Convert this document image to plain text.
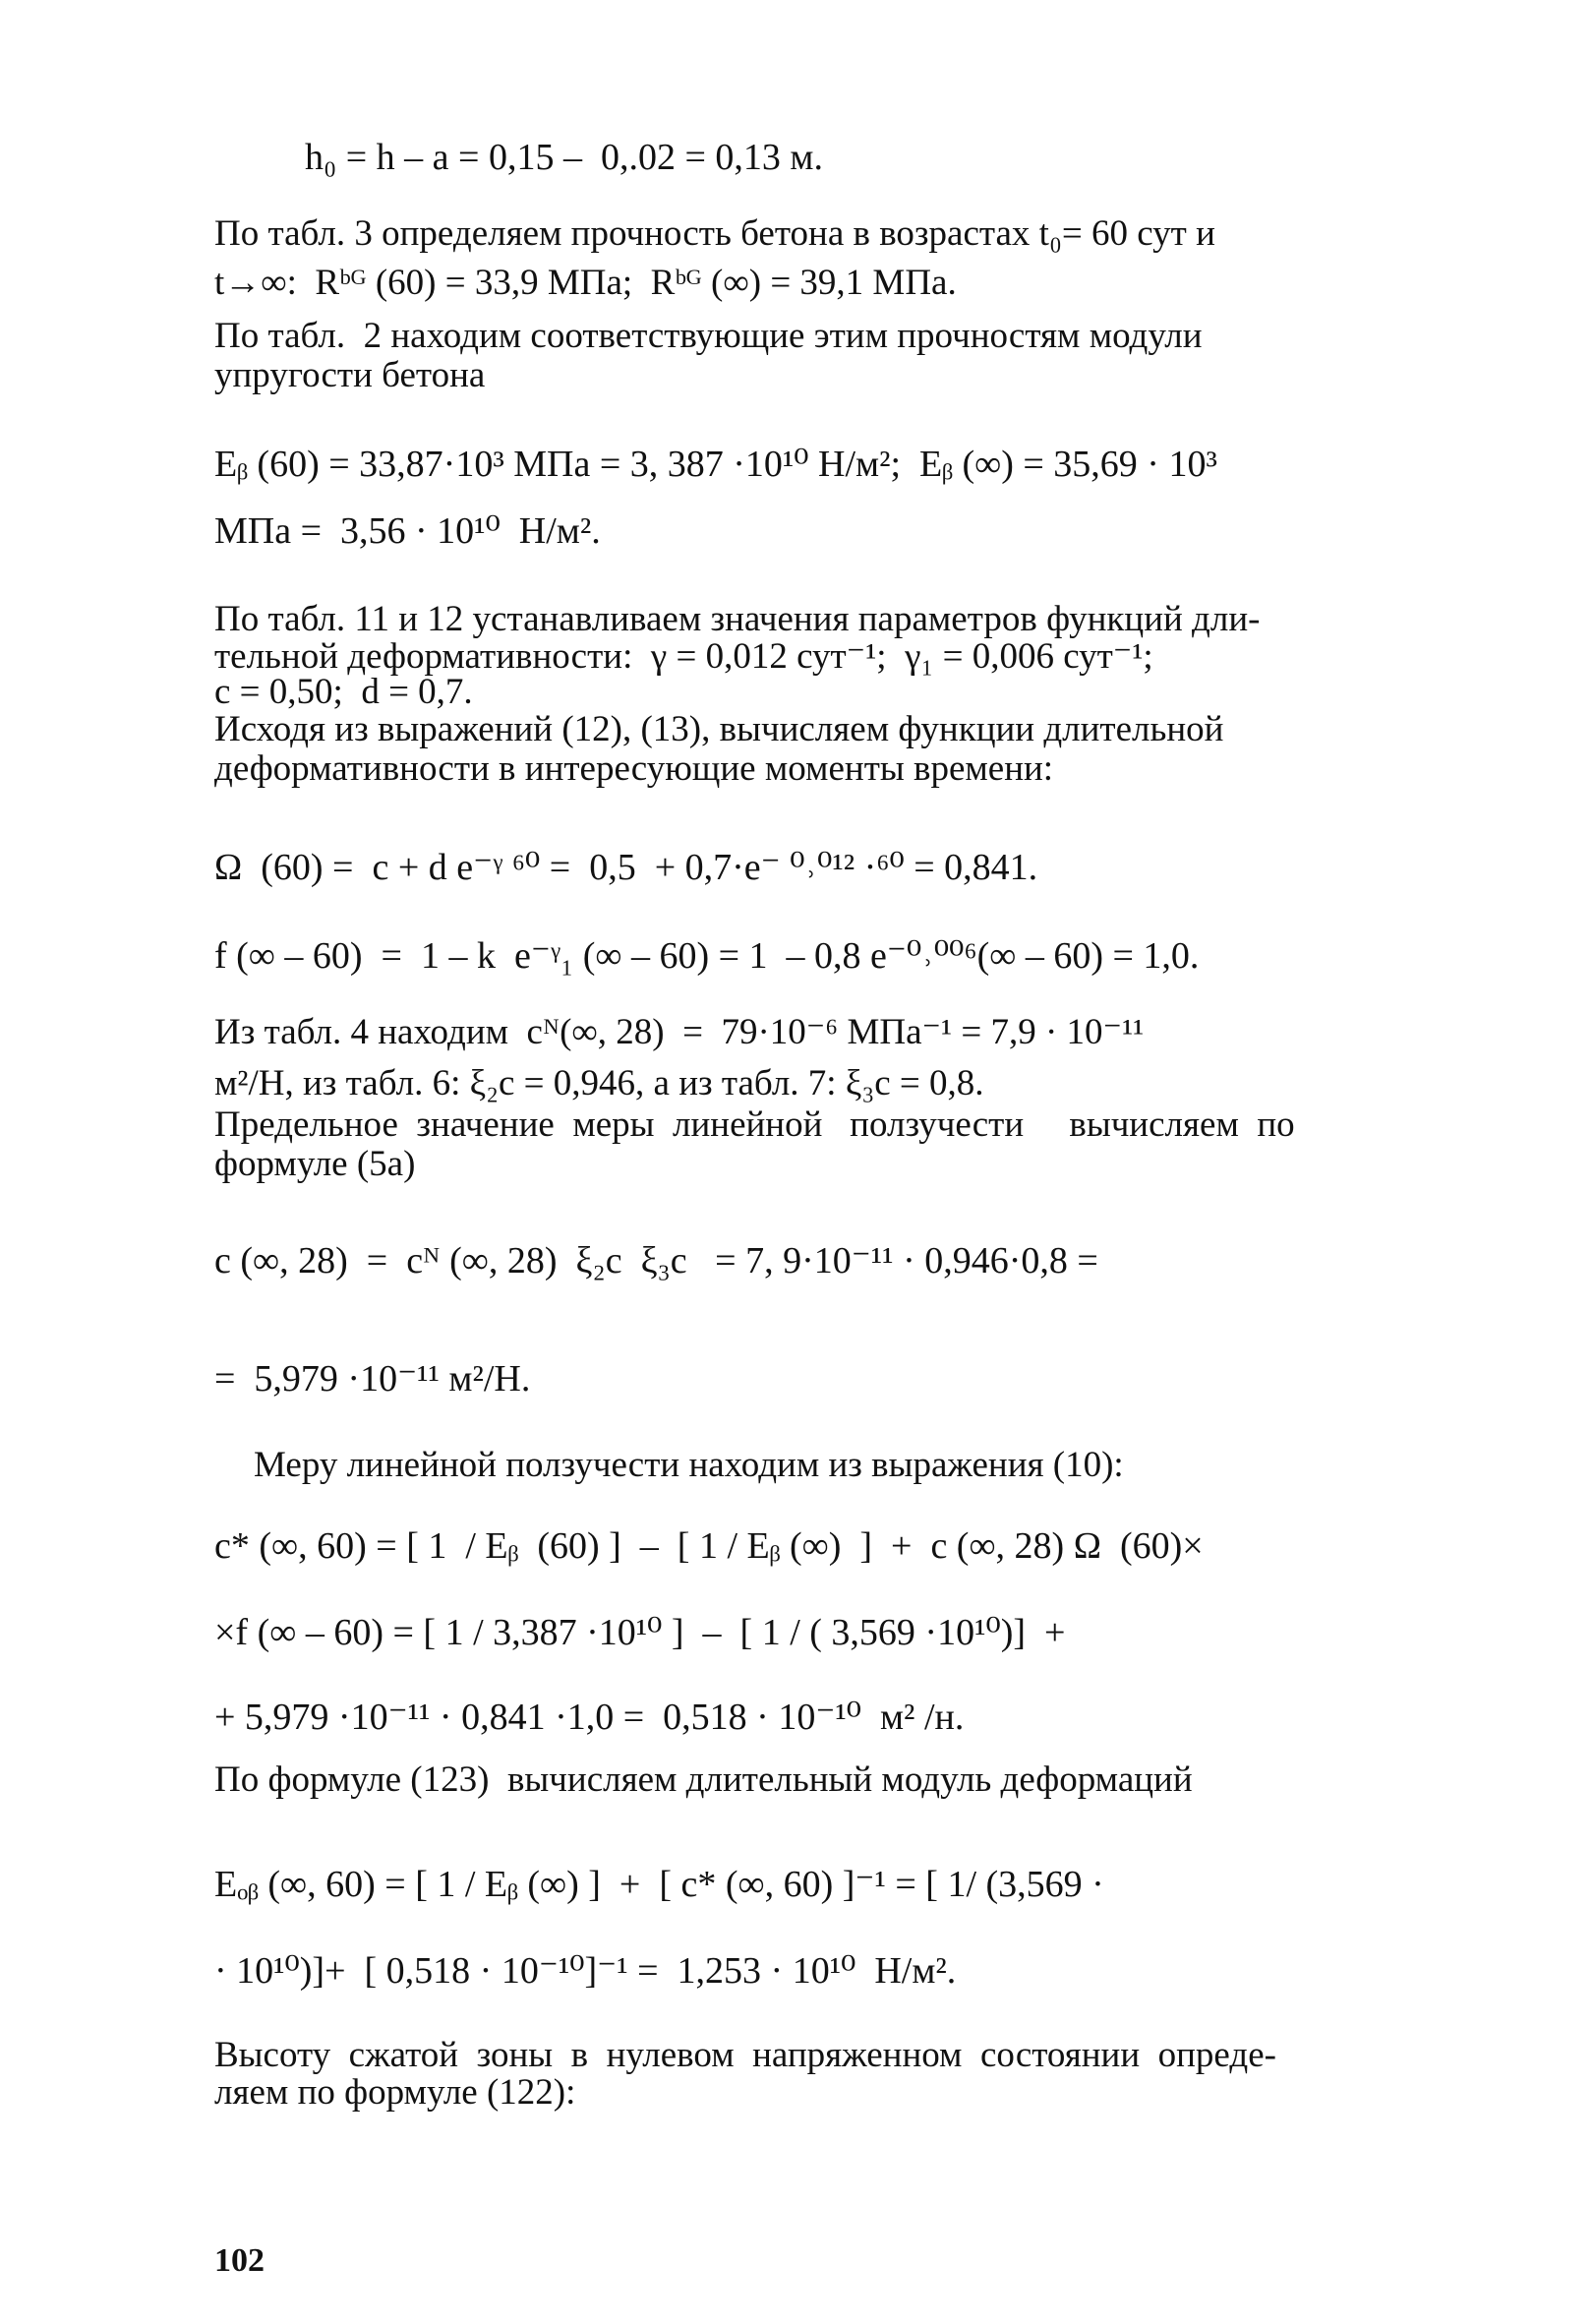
h₀ = h – a = 0,15 –  0,.02 = 0,13 м.
По табл. 3 определяем прочность бетона в возрастах t₀= 60 сут и
t→∞:  Rᵇᴳ (60) = 33,9 МПа;  Rᵇᴳ (∞) = 39,1 МПа.
По табл.  2 находим соответствующие этим прочностям модули
упругости бетона
Eᵦ (60) = 33,87·10³ МПа = 3, 387 ·10¹⁰ Н/м²;  Eᵦ (∞) = 35,69 · 10³
МПа =  3,56 · 10¹⁰  Н/м².
По табл. 11 и 12 устанавливаем значения параметров функций дли-
тельной деформативности:  γ = 0,012 сут⁻¹;  γ₁ = 0,006 сут⁻¹;
c = 0,50;  d = 0,7.
Исходя из выражений (12), (13), вычисляем функции длительной
деформативности в интересующие моменты времени:
Ω  (60) =  c + d e⁻ᵞ ⁶⁰ =  0,5  + 0,7·e⁻ ⁰˒⁰¹² ·⁶⁰ = 0,841.
f (∞ – 60)  =  1 – k  e⁻ᵞ₁ (∞ – 60) = 1  – 0,8 e⁻⁰˒⁰⁰⁶(∞ – 60) = 1,0.
Из табл. 4 находим  cᴺ(∞, 28)  =  79·10⁻⁶ МПа⁻¹ = 7,9 · 10⁻¹¹
м²/Н, из табл. 6: ξ₂c = 0,946, а из табл. 7: ξ₃c = 0,8.
Предельное  значение  меры  линейной   ползучести     вычисляем  по
формуле (5а)
c (∞, 28)  =  cᴺ (∞, 28)  ξ₂c  ξ₃c   = 7, 9·10⁻¹¹ · 0,946·0,8 =
=  5,979 ·10⁻¹¹ м²/Н.
Меру линейной ползучести находим из выражения (10):
c* (∞, 60) = [ 1  / Eᵦ  (60) ]  –  [ 1 / Eᵦ (∞)  ]  +  c (∞, 28) Ω  (60)×
×f (∞ – 60) = [ 1 / 3,387 ·10¹⁰ ]  –  [ 1 / ( 3,569 ·10¹⁰)]  +
+ 5,979 ·10⁻¹¹ · 0,841 ·1,0 =  0,518 · 10⁻¹⁰  м² /н.
По формуле (123)  вычисляем длительный модуль деформаций
Eₒᵦ (∞, 60) = [ 1 / Eᵦ (∞) ]  +  [ c* (∞, 60) ]⁻¹ = [ 1/ (3,569 ·
· 10¹⁰)]+  [ 0,518 · 10⁻¹⁰]⁻¹ =  1,253 · 10¹⁰  Н/м².
Высоту  сжатой  зоны  в  нулевом  напряженном  состоянии  опреде-
ляем по формуле (122):
102
